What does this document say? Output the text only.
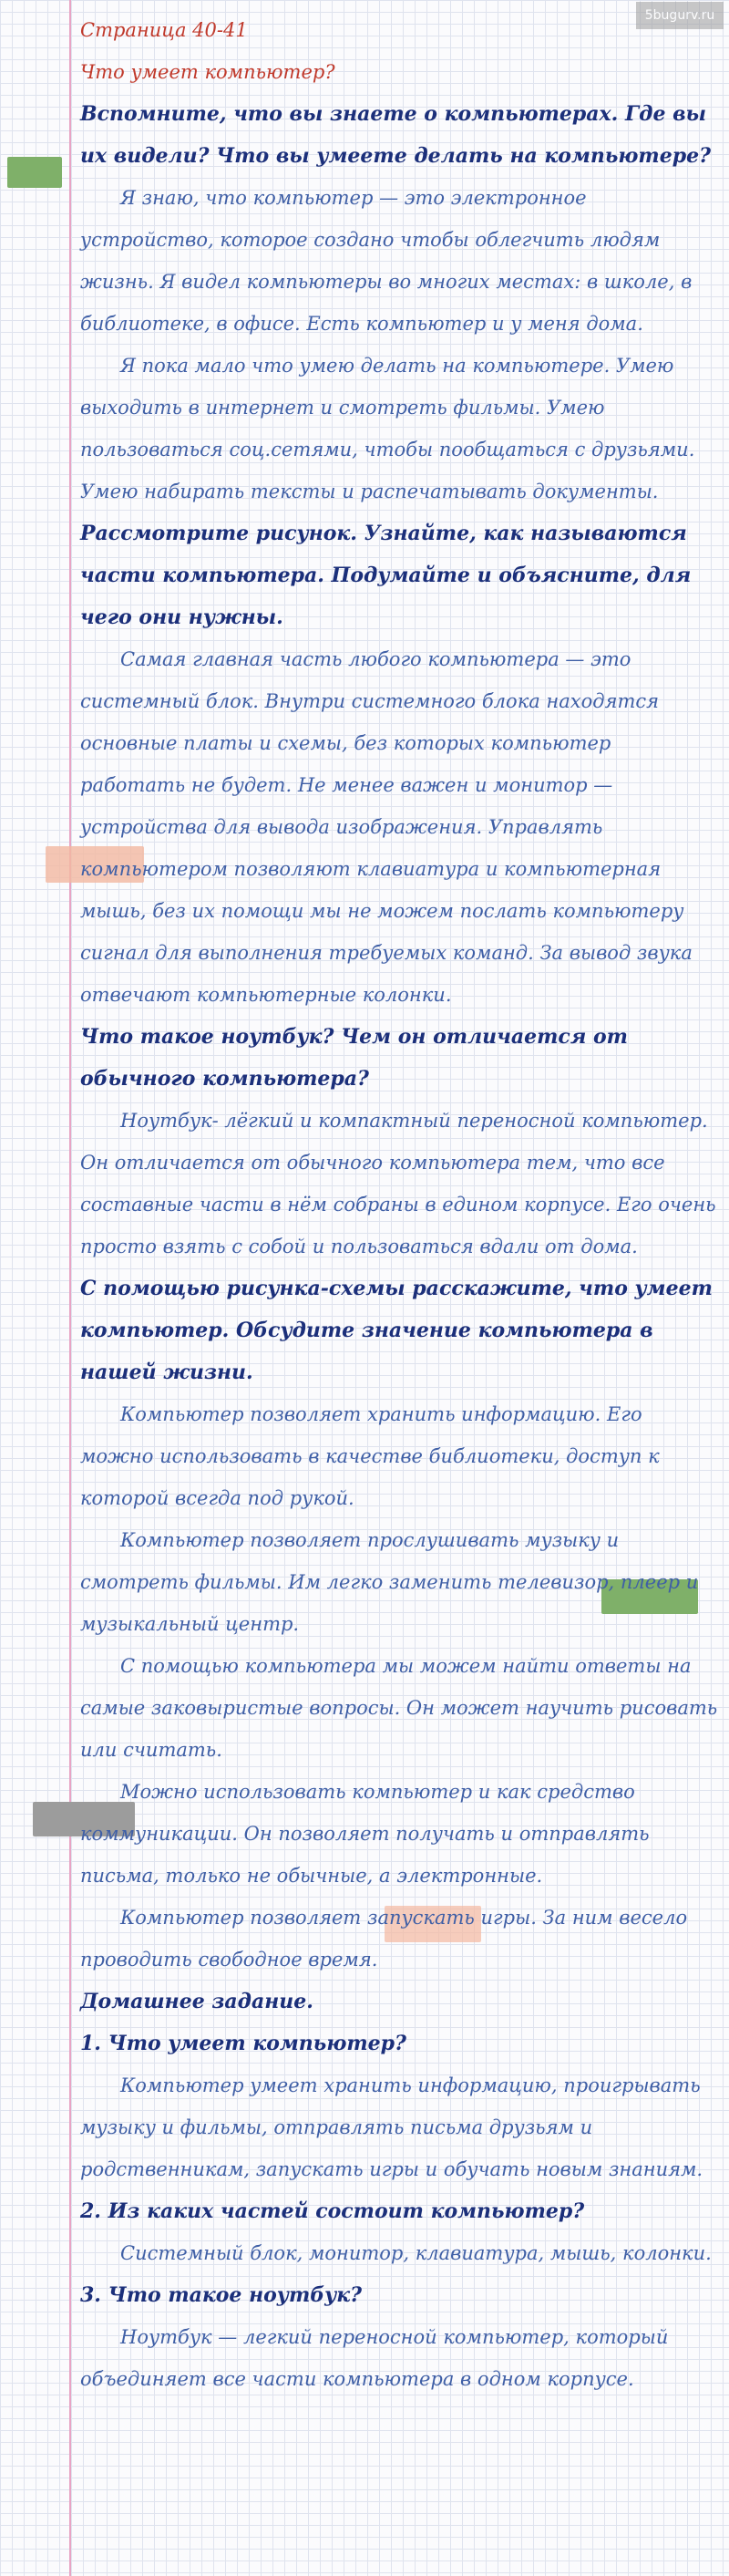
5bugurv.ru

Страница 40-41

Что умеет компьютер?

Вспомните, что вы знаете о компьютерах. Где вы их видели? Что вы умеете делать на компьютере?

Я знаю, что компьютер — это электронное устройство, которое создано чтобы облегчить людям жизнь. Я видел компьютеры во многих местах: в школе, в библиотеке, в офисе. Есть компьютер и у меня дома.

Я пока мало что умею делать на компьютере. Умею выходить в интернет и смотреть фильмы. Умею пользоваться соц.сетями, чтобы пообщаться с друзьями. Умею набирать тексты и распечатывать документы.

Рассмотрите рисунок. Узнайте, как называются части компьютера. Подумайте и объясните, для чего они нужны.

Самая главная часть любого компьютера — это системный блок. Внутри системного блока находятся основные платы и схемы, без которых компьютер работать не будет. Не менее важен и монитор — устройства для вывода изображения. Управлять компьютером позволяют клавиатура и компьютерная мышь, без их помощи мы не можем послать компьютеру сигнал для выполнения требуемых команд. За вывод звука отвечают компьютерные колонки.

Что такое ноутбук? Чем он отличается от обычного компьютера?

Ноутбук- лёгкий и компактный переносной компьютер. Он отличается от обычного компьютера тем, что все составные части в нём собраны в едином корпусе. Его очень просто взять с собой и пользоваться вдали от дома.

С помощью рисунка-схемы расскажите, что умеет компьютер. Обсудите значение компьютера в нашей жизни.

Компьютер позволяет хранить информацию. Его можно использовать в качестве библиотеки, доступ к которой всегда под рукой.

Компьютер позволяет прослушивать музыку и смотреть фильмы. Им легко заменить телевизор, плеер и музыкальный центр.

С помощью компьютера мы можем найти ответы на самые заковыристые вопросы. Он может научить рисовать или считать.

Можно использовать компьютер и как средство коммуникации. Он позволяет получать и отправлять письма, только не обычные, а электронные.

Компьютер позволяет запускать игры. За ним весело проводить свободное время.

Домашнее задание.

1. Что умеет компьютер?

Компьютер умеет хранить информацию, проигрывать музыку и фильмы, отправлять письма друзьям и родственникам, запускать игры и обучать новым знаниям.

2. Из каких частей состоит компьютер?

Системный блок, монитор, клавиатура, мышь, колонки.

3. Что такое ноутбук?

Ноутбук — легкий переносной компьютер, который объединяет все части компьютера в одном корпусе.
